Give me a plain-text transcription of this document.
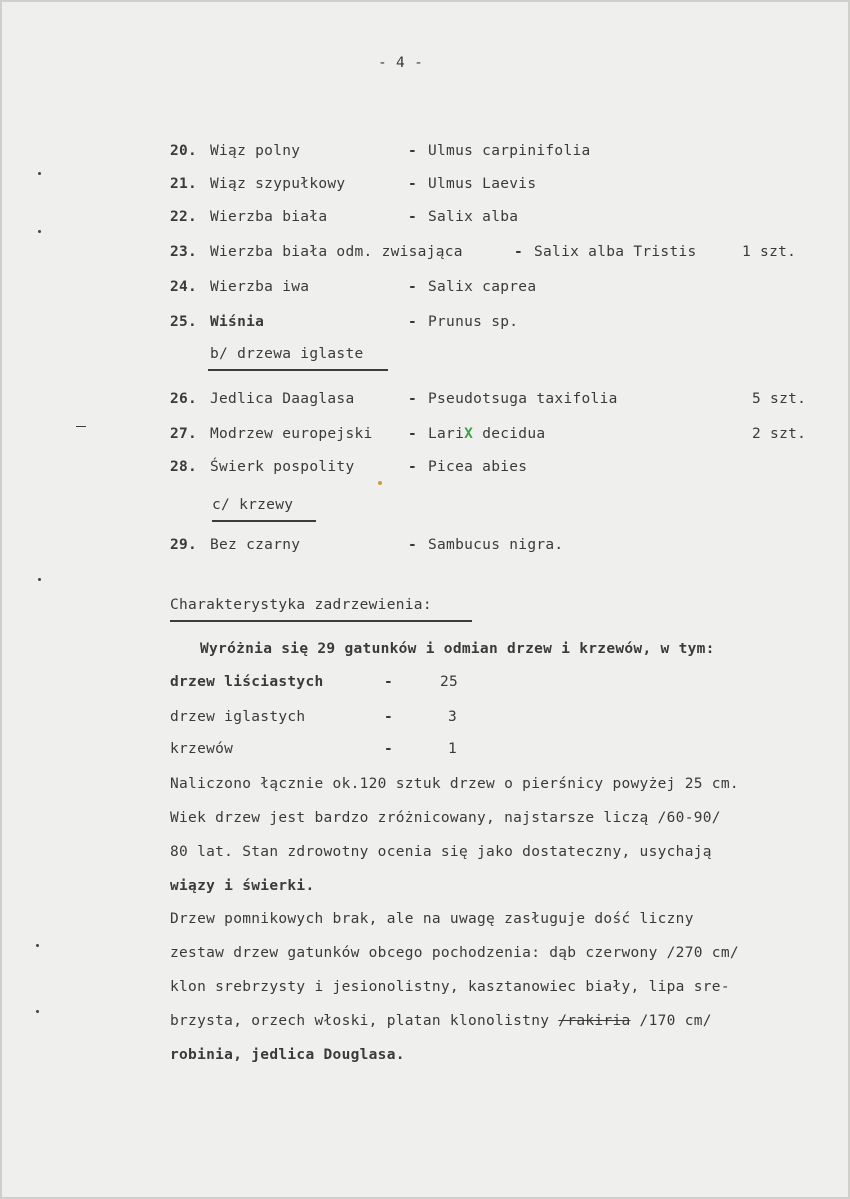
- 4 -
20. Wiąz polny	- Ulmus carpinifolia
21. Wiąz szypułkowy	- Ulmus Laevis
22. Wierzba biała	- Salix alba
23. Wierzba biała odm. zwisająca	- Salix alba Tristis	1 szt.
24. Wierzba iwa	- Salix caprea
25. Wiśnia	- Prunus sp.
b/ drzewa iglaste
26. Jedlica Daaglasa	- Pseudotsuga taxifolia	5 szt.
27. Modrzew europejski - LariX decidua	2 szt.
28. Świerk pospolity	- Picea abies
c/ krzewy
29. Bez czarny	- Sambucus nigra.
Charakterystyka zadrzewienia:
Wyróżnia się 29 gatunków i odmian drzew i krzewów, w tym:
drzew liściastych	-	25
drzew iglastych	-	3
krzewów	-	1
Naliczono łącznie ok.120 sztuk drzew o pierśnicy powyżej 25 cm.
Wiek drzew jest bardzo zróżnicowany, najstarsze liczą /60-90/
80 lat. Stan zdrowotny ocenia się jako dostateczny, usychają
wiązy i świerki.
Drzew pomnikowych brak, ale na uwagę zasługuje dość liczny
zestaw drzew gatunków obcego pochodzenia: dąb czerwony /270 cm/
klon srebrzysty i jesionolistny, kasztanowiec biały, lipa sre-
brzysta, orzech włoski, platan klonolistny /rakiria /170 cm/
robinia, jedlica Douglasa.
